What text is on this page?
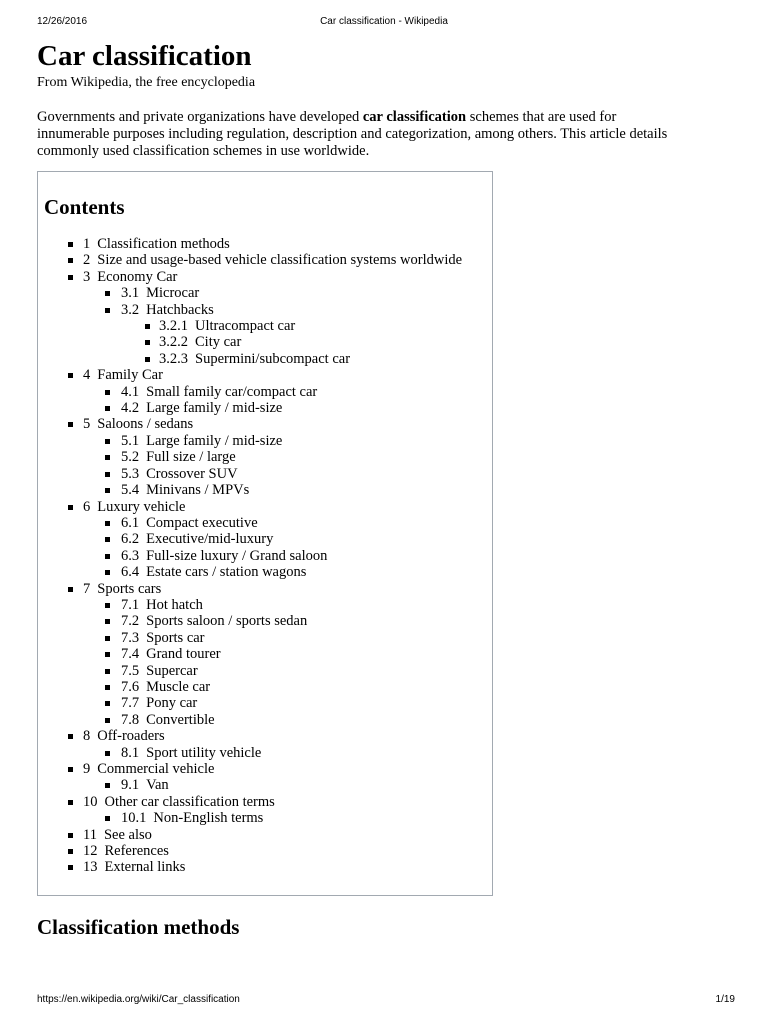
12/26/2016	Car classification - Wikipedia
Car classification

From Wikipedia, the free encyclopedia

Governments and private organizations have developed car classification schemes that are used for innumerable purposes including regulation, description and categorization, among others. This article details commonly used classification schemes in use worldwide.

Contents
1 Classification methods
2 Size and usage-based vehicle classification systems worldwide
3 Economy Car
3.1 Microcar
3.2 Hatchbacks
3.2.1 Ultracompact car
3.2.2 City car
3.2.3 Supermini/subcompact car
4 Family Car
4.1 Small family car/compact car
4.2 Large family / mid-size
5 Saloons / sedans
5.1 Large family / mid-size
5.2 Full size / large
5.3 Crossover SUV
5.4 Minivans / MPVs
6 Luxury vehicle
6.1 Compact executive
6.2 Executive/mid-luxury
6.3 Full-size luxury / Grand saloon
6.4 Estate cars / station wagons
7 Sports cars
7.1 Hot hatch
7.2 Sports saloon / sports sedan
7.3 Sports car
7.4 Grand tourer
7.5 Supercar
7.6 Muscle car
7.7 Pony car
7.8 Convertible
8 Off-roaders
8.1 Sport utility vehicle
9 Commercial vehicle
9.1 Van
10 Other car classification terms
10.1 Non-English terms
11 See also
12 References
13 External links
Classification methods
https://en.wikipedia.org/wiki/Car_classification	1/19
